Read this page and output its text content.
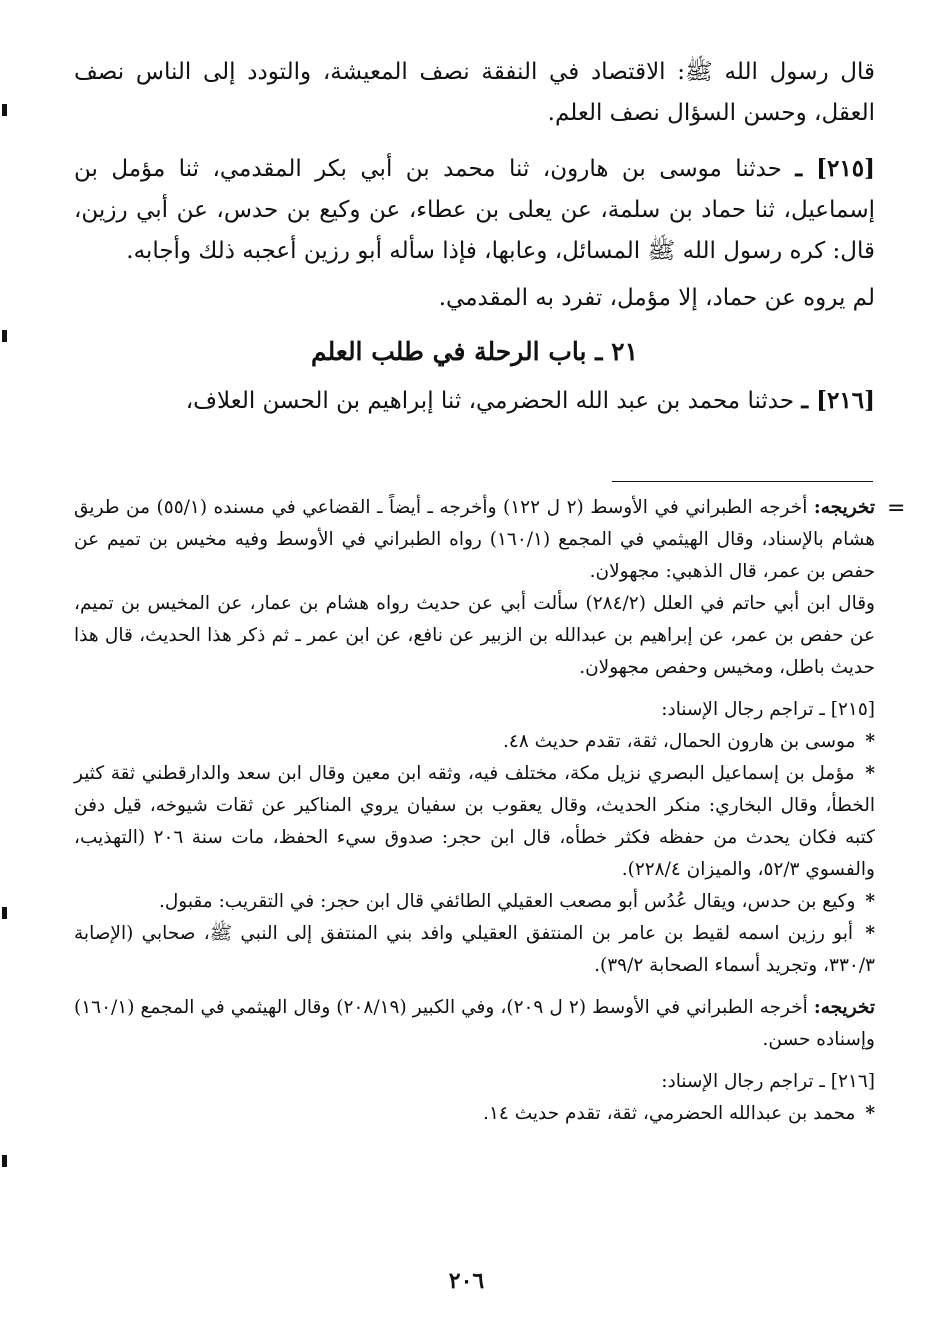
قال رسول الله ﷺ: الاقتصاد في النفقة نصف المعيشة، والتودد إلى الناس نصف العقل، وحسن السؤال نصف العلم.

[٢١٥] ـ حدثنا موسى بن هارون، ثنا محمد بن أبي بكر المقدمي، ثنا مؤمل بن إسماعيل، ثنا حماد بن سلمة، عن يعلى بن عطاء، عن وكيع بن حدس، عن أبي رزين، قال: كره رسول الله ﷺ المسائل، وعابها، فإذا سأله أبو رزين أعجبه ذلك وأجابه.

لم يروه عن حماد، إلا مؤمل، تفرد به المقدمي.

٢١ ـ باب الرحلة في طلب العلم

[٢١٦] ـ حدثنا محمد بن عبد الله الحضرمي، ثنا إبراهيم بن الحسن العلاف،

=

تخريجه: أخرجه الطبراني في الأوسط (٢ ل ١٢٢) وأخرجه ـ أيضاً ـ القضاعي في مسنده (٥٥/١) من طريق هشام بالإسناد، وقال الهيثمي في المجمع (١٦٠/١) رواه الطبراني في الأوسط وفيه مخيس بن تميم عن حفص بن عمر، قال الذهبي: مجهولان.

وقال ابن أبي حاتم في العلل (٢٨٤/٢) سألت أبي عن حديث رواه هشام بن عمار، عن المخيس بن تميم، عن حفص بن عمر، عن إبراهيم بن عبدالله بن الزبير عن نافع، عن ابن عمر ـ ثم ذكر هذا الحديث، قال هذا حديث باطل، ومخيس وحفص مجهولان.

[٢١٥] ـ تراجم رجال الإسناد:

* موسى بن هارون الحمال، ثقة، تقدم حديث ٤٨.

* مؤمل بن إسماعيل البصري نزيل مكة، مختلف فيه، وثقه ابن معين وقال ابن سعد والدارقطني ثقة كثير الخطأ، وقال البخاري: منكر الحديث، وقال يعقوب بن سفيان يروي المناكير عن ثقات شيوخه، قيل دفن كتبه فكان يحدث من حفظه فكثر خطأه، قال ابن حجر: صدوق سيء الحفظ، مات سنة ٢٠٦ (التهذيب، والفسوي ٥٢/٣، والميزان ٢٢٨/٤).

* وكيع بن حدس، ويقال عُدُس أبو مصعب العقيلي الطائفي قال ابن حجر: في التقريب: مقبول.

* أبو رزين اسمه لقيط بن عامر بن المنتفق العقيلي وافد بني المنتفق إلى النبي ﷺ، صحابي (الإصابة ٣٣٠/٣، وتجريد أسماء الصحابة ٣٩/٢).

تخريجه: أخرجه الطبراني في الأوسط (٢ ل ٢٠٩)، وفي الكبير (٢٠٨/١٩) وقال الهيثمي في المجمع (١٦٠/١) وإسناده حسن.

[٢١٦] ـ تراجم رجال الإسناد:

* محمد بن عبدالله الحضرمي، ثقة، تقدم حديث ١٤.

٢٠٦
